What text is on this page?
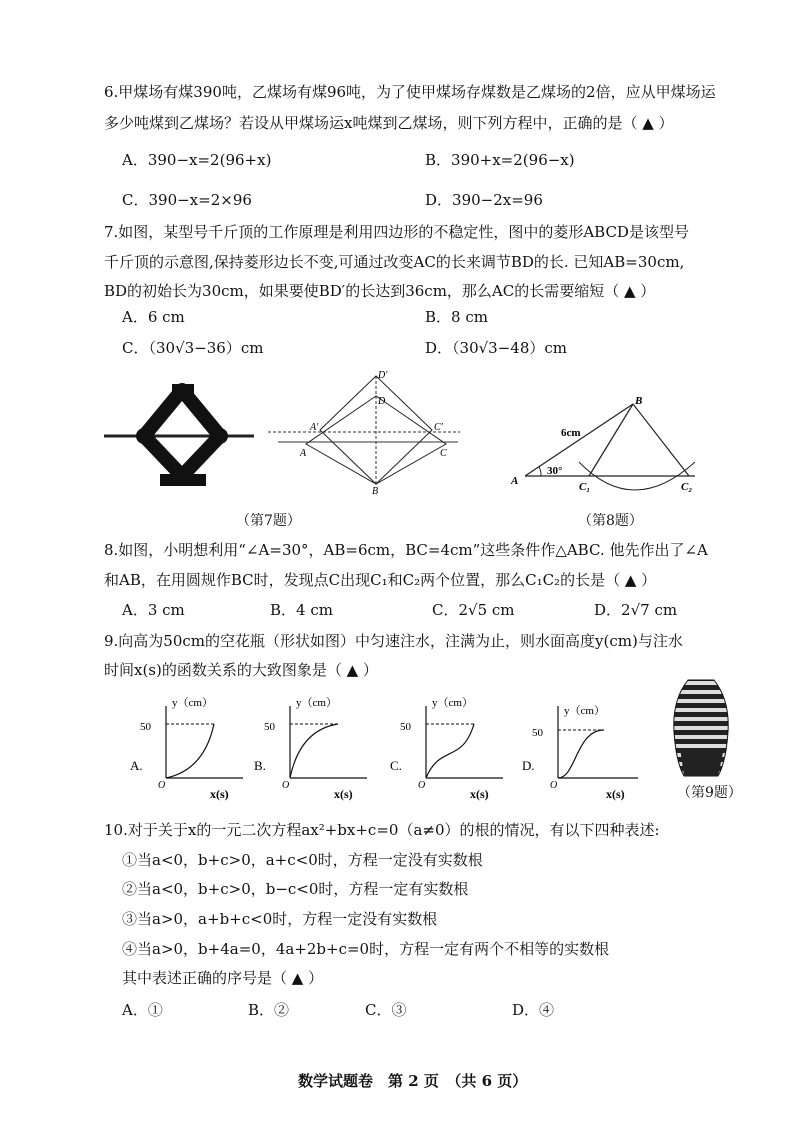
6.甲煤场有煤390吨，乙煤场有煤96吨，为了使甲煤场存煤数是乙煤场的2倍，应从甲煤场运
多少吨煤到乙煤场？若设从甲煤场运x吨煤到乙煤场，则下列方程中，正确的是（ ▲ ）
A．390−x=2(96+x)	B．390+x=2(96−x)
C．390−x=2×96	D．390−2x=96
7.如图，某型号千斤顶的工作原理是利用四边形的不稳定性，图中的菱形ABCD是该型号
千斤顶的示意图,保持菱形边长不变,可通过改变AC的长来调节BD的长. 已知AB=30cm,
BD的初始长为30cm，如果要使BD′的长达到36cm，那么AC的长需要缩短（ ▲ ）
A．6 cm	B．8 cm
C．（30√3−36）cm	D．（30√3−48）cm
D′
D
A′	C′
A	C
B
B
6cm
30°
A	C₁	C₂
（第7题）	（第8题）
8.如图，小明想利用“∠A=30°，AB=6cm，BC=4cm”这些条件作△ABC. 他先作出了∠A
和AB，在用圆规作BC时，发现点C出现C₁和C₂两个位置，那么C₁C₂的长是（ ▲ ）
A．3 cm	B．4 cm	C．2√5 cm	D．2√7 cm
9.向高为50cm的空花瓶（形状如图）中匀速注水，注满为止，则水面高度y(cm)与注水
时间x(s)的函数关系的大致图象是（ ▲ ）
y（cm）
50
O
x(s)
A.
y（cm）
50
O
x(s)
B.
y（cm）
50
O
x(s)
C.
y（cm）
50
O
x(s)
D.
（第9题）
10.对于关于x的一元二次方程ax²+bx+c=0（a≠0）的根的情况，有以下四种表述:
①当a<0，b+c>0，a+c<0时，方程一定没有实数根
②当a<0，b+c>0，b−c<0时，方程一定有实数根
③当a>0，a+b+c<0时，方程一定没有实数根
④当a>0，b+4a=0，4a+2b+c=0时，方程一定有两个不相等的实数根
其中表述正确的序号是（ ▲ ）
A．①	B．②	C．③	D．④
数学试题卷　第 2 页　（共 6 页）
